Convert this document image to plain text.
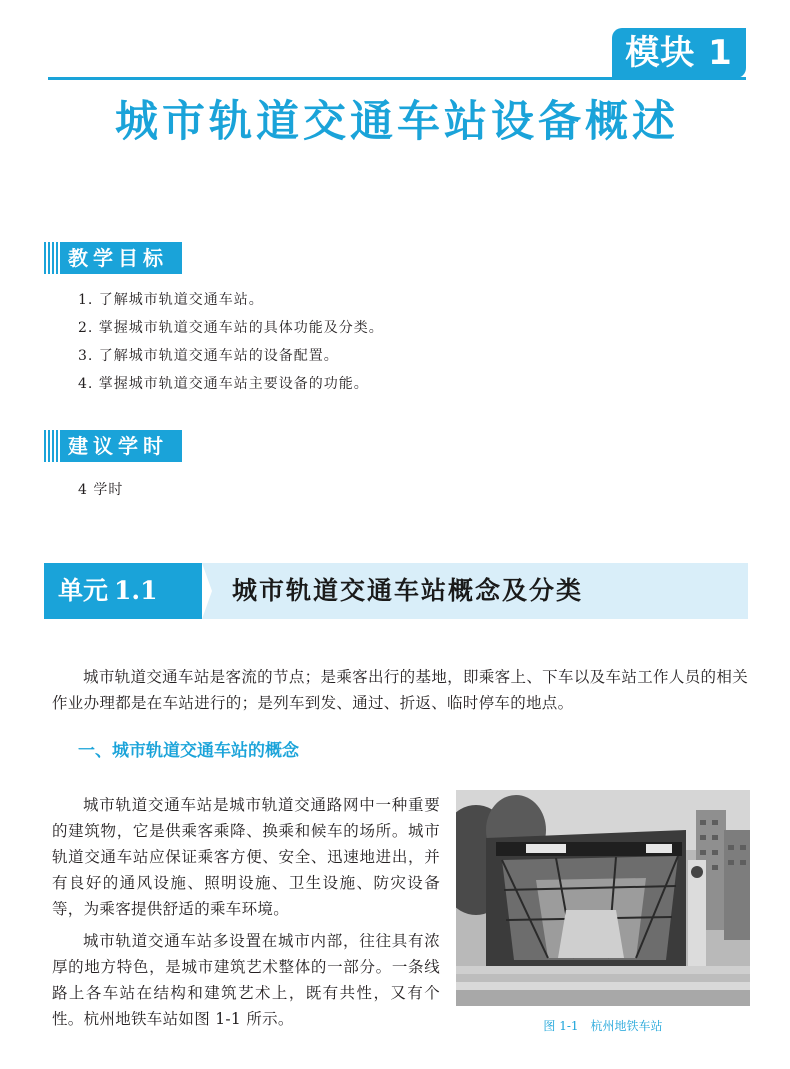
模块 1
城市轨道交通车站设备概述
教学目标
1. 了解城市轨道交通车站。
2. 掌握城市轨道交通车站的具体功能及分类。
3. 了解城市轨道交通车站的设备配置。
4. 掌握城市轨道交通车站主要设备的功能。
建议学时
4 学时
单元 1.1	城市轨道交通车站概念及分类
城市轨道交通车站是客流的节点；是乘客出行的基地，即乘客上、下车以及车站工作人员的相关作业办理都是在车站进行的；是列车到发、通过、折返、临时停车的地点。
一、城市轨道交通车站的概念
城市轨道交通车站是城市轨道交通路网中一种重要的建筑物，它是供乘客乘降、换乘和候车的场所。城市轨道交通车站应保证乘客方便、安全、迅速地进出，并有良好的通风设施、照明设施、卫生设施、防灾设备等，为乘客提供舒适的乘车环境。
城市轨道交通车站多设置在城市内部，往往具有浓厚的地方特色，是城市建筑艺术整体的一部分。一条线路上各车站在结构和建筑艺术上，既有共性，又有个性。杭州地铁车站如图 1-1 所示。	图 1-1　杭州地铁车站
